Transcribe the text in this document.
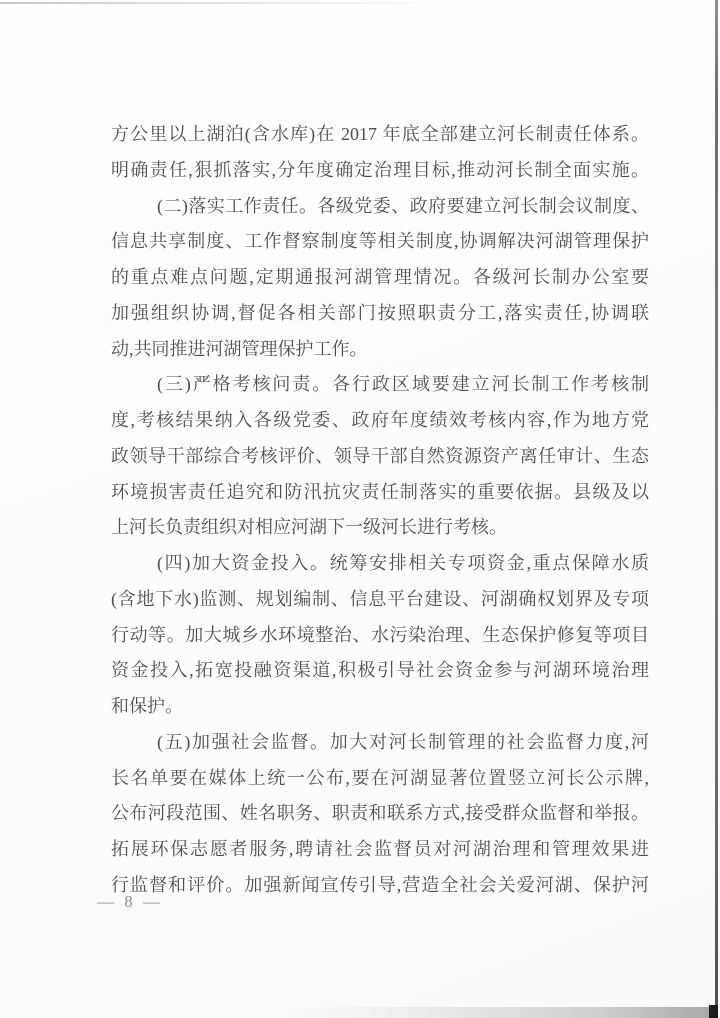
方公里以上湖泊(含水库)在 2017 年底全部建立河长制责任体系。
明确责任,狠抓落实,分年度确定治理目标,推动河长制全面实施。
(二)落实工作责任。各级党委、政府要建立河长制会议制度、
信息共享制度、工作督察制度等相关制度,协调解决河湖管理保护
的重点难点问题,定期通报河湖管理情况。各级河长制办公室要
加强组织协调,督促各相关部门按照职责分工,落实责任,协调联
动,共同推进河湖管理保护工作。
(三)严格考核问责。各行政区域要建立河长制工作考核制
度,考核结果纳入各级党委、政府年度绩效考核内容,作为地方党
政领导干部综合考核评价、领导干部自然资源资产离任审计、生态
环境损害责任追究和防汛抗灾责任制落实的重要依据。县级及以
上河长负责组织对相应河湖下一级河长进行考核。
(四)加大资金投入。统筹安排相关专项资金,重点保障水质
(含地下水)监测、规划编制、信息平台建设、河湖确权划界及专项
行动等。加大城乡水环境整治、水污染治理、生态保护修复等项目
资金投入,拓宽投融资渠道,积极引导社会资金参与河湖环境治理
和保护。
(五)加强社会监督。加大对河长制管理的社会监督力度,河
长名单要在媒体上统一公布,要在河湖显著位置竖立河长公示牌,
公布河段范围、姓名职务、职责和联系方式,接受群众监督和举报。
拓展环保志愿者服务,聘请社会监督员对河湖治理和管理效果进
行监督和评价。加强新闻宣传引导,营造全社会关爱河湖、保护河
— 8 —
